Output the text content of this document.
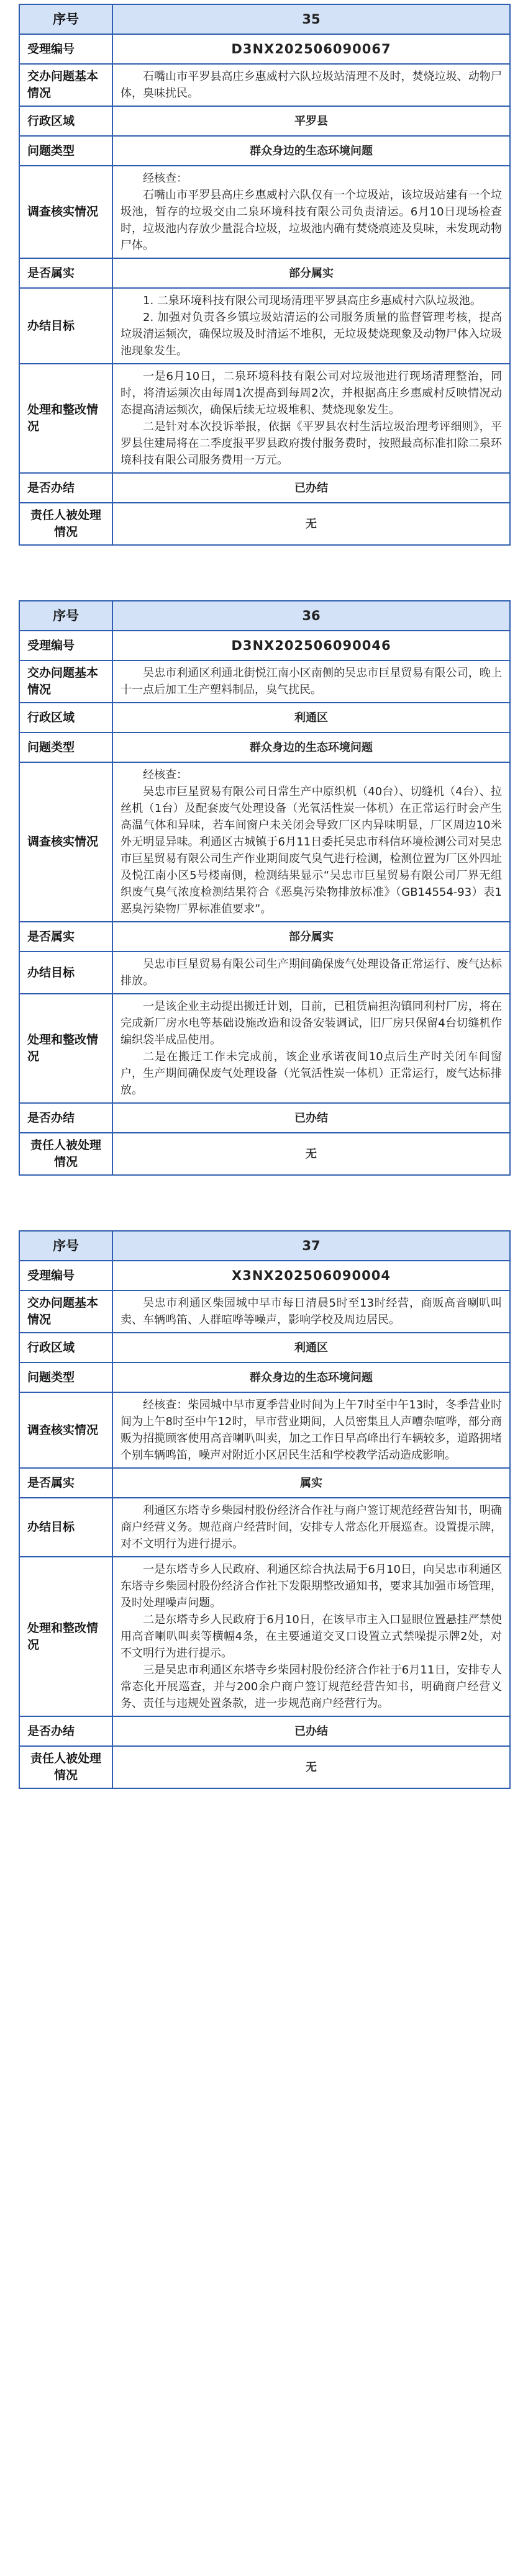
序号	35
受理编号	D3NX202506090067
交办问题基本情况	石嘴山市平罗县高庄乡惠威村六队垃圾站清理不及时，焚烧垃圾、动物尸体，臭味扰民。

行政区域	平罗县
问题类型	群众身边的生态环境问题
调查核实情况	经核查：

石嘴山市平罗县高庄乡惠威村六队仅有一个垃圾站，该垃圾站建有一个垃圾池，暂存的垃圾交由二泉环境科技有限公司负责清运。6月10日现场检查时，垃圾池内存放少量混合垃圾，垃圾池内确有焚烧痕迹及臭味，未发现动物尸体。

是否属实	部分属实
办结目标	1. 二泉环境科技有限公司现场清理平罗县高庄乡惠威村六队垃圾池。

2. 加强对负责各乡镇垃圾站清运的公司服务质量的监督管理考核，提高垃圾清运频次，确保垃圾及时清运不堆积，无垃圾焚烧现象及动物尸体入垃圾池现象发生。

处理和整改情况	一是6月10日，二泉环境科技有限公司对垃圾池进行现场清理整治，同时，将清运频次由每周1次提高到每周2次，并根据高庄乡惠威村反映情况动态提高清运频次，确保后续无垃圾堆积、焚烧现象发生。

二是针对本次投诉举报，依据《平罗县农村生活垃圾治理考评细则》，平罗县住建局将在二季度报平罗县政府拨付服务费时，按照最高标准扣除二泉环境科技有限公司服务费用一万元。

是否办结	已办结
责任人被处理情况	无
序号	36
受理编号	D3NX202506090046
交办问题基本情况	吴忠市利通区利通北街悦江南小区南侧的吴忠市巨星贸易有限公司，晚上十一点后加工生产塑料制品，臭气扰民。

行政区域	利通区
问题类型	群众身边的生态环境问题
调查核实情况	经核查：

吴忠市巨星贸易有限公司日常生产中原织机（40台）、切缝机（4台）、拉丝机（1台）及配套废气处理设备（光氧活性炭一体机）在正常运行时会产生高温气体和异味，若车间窗户未关闭会导致厂区内异味明显，厂区周边10米外无明显异味。利通区古城镇于6月11日委托吴忠市科信环境检测公司对吴忠市巨星贸易有限公司生产作业期间废气臭气进行检测，检测位置为厂区外四址及悦江南小区5号楼南侧，检测结果显示“吴忠市巨星贸易有限公司厂界无组织废气臭气浓度检测结果符合《恶臭污染物排放标准》（GB14554-93）表1恶臭污染物厂界标准值要求”。

是否属实	部分属实
办结目标	吴忠市巨星贸易有限公司生产期间确保废气处理设备正常运行、废气达标排放。

处理和整改情况	一是该企业主动提出搬迁计划，目前，已租赁扁担沟镇同利村厂房，将在完成新厂房水电等基础设施改造和设备安装调试，旧厂房只保留4台切缝机作编织袋半成品使用。

二是在搬迁工作未完成前，该企业承诺夜间10点后生产时关闭车间窗户，生产期间确保废气处理设备（光氧活性炭一体机）正常运行，废气达标排放。

是否办结	已办结
责任人被处理情况	无
序号	37
受理编号	X3NX202506090004
交办问题基本情况	吴忠市利通区柴园城中早市每日清晨5时至13时经营，商贩高音喇叭叫卖、车辆鸣笛、人群喧哗等噪声，影响学校及周边居民。

行政区域	利通区
问题类型	群众身边的生态环境问题
调查核实情况	经核查：柴园城中早市夏季营业时间为上午7时至中午13时，冬季营业时间为上午8时至中午12时，早市营业期间，人员密集且人声嘈杂喧哗，部分商贩为招揽顾客使用高音喇叭叫卖，加之工作日早高峰出行车辆较多，道路拥堵个别车辆鸣笛，噪声对附近小区居民生活和学校教学活动造成影响。

是否属实	属实
办结目标	利通区东塔寺乡柴园村股份经济合作社与商户签订规范经营告知书，明确商户经营义务。规范商户经营时间，安排专人常态化开展巡查。设置提示牌，对不文明行为进行提示。

处理和整改情况	一是东塔寺乡人民政府、利通区综合执法局于6月10日，向吴忠市利通区东塔寺乡柴园村股份经济合作社下发限期整改通知书，要求其加强市场管理，及时处理噪声问题。

二是东塔寺乡人民政府于6月10日，在该早市主入口显眼位置悬挂严禁使用高音喇叭叫卖等横幅4条，在主要通道交叉口设置立式禁噪提示牌2处，对不文明行为进行提示。

三是吴忠市利通区东塔寺乡柴园村股份经济合作社于6月11日，安排专人常态化开展巡查，并与200余户商户签订规范经营告知书，明确商户经营义务、责任与违规处置条款，进一步规范商户经营行为。

是否办结	已办结
责任人被处理情况	无
